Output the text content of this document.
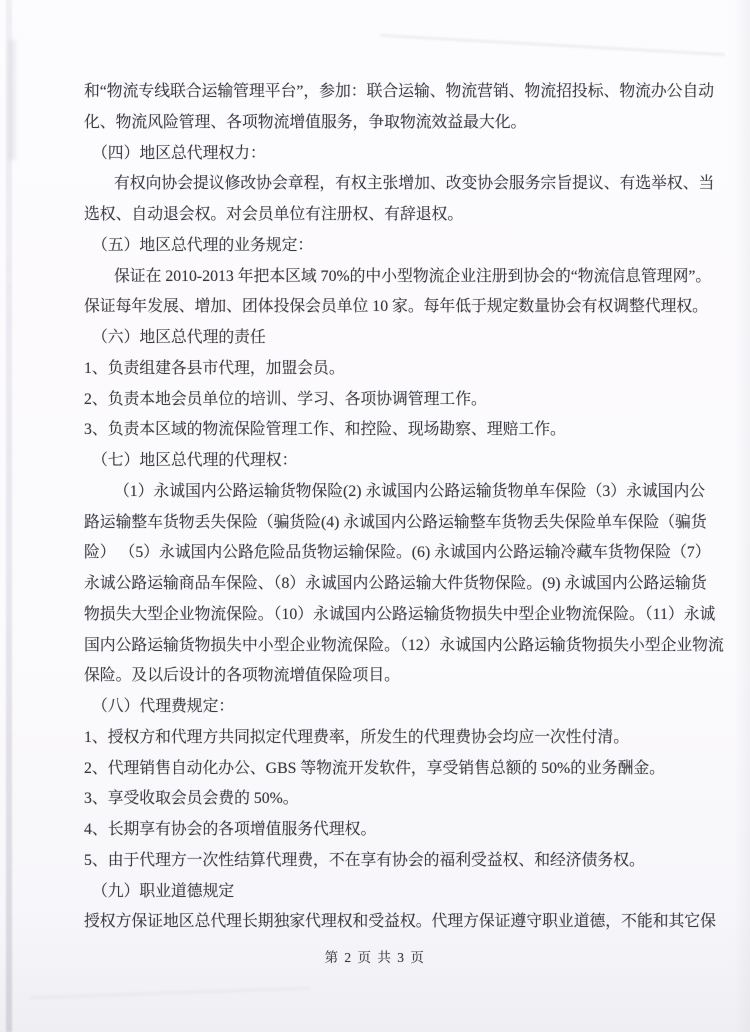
和“物流专线联合运输管理平台”，参加：联合运输、物流营销、物流招投标、物流办公自动
化、物流风险管理、各项物流增值服务，争取物流效益最大化。
（四）地区总代理权力：
有权向协会提议修改协会章程，有权主张增加、改变协会服务宗旨提议、有选举权、当
选权、自动退会权。对会员单位有注册权、有辞退权。
（五）地区总代理的业务规定：
保证在 2010-2013 年把本区域 70%的中小型物流企业注册到协会的“物流信息管理网”。
保证每年发展、增加、团体投保会员单位 10 家。每年低于规定数量协会有权调整代理权。
（六）地区总代理的责任
1、负责组建各县市代理，加盟会员。
2、负责本地会员单位的培训、学习、各项协调管理工作。
3、负责本区域的物流保险管理工作、和控险、现场勘察、理赔工作。
（七）地区总代理的代理权：
（1）永诚国内公路运输货物保险(2) 永诚国内公路运输货物单车保险（3）永诚国内公
路运输整车货物丢失保险（骗货险(4) 永诚国内公路运输整车货物丢失保险单车保险（骗货
险） （5）永诚国内公路危险品货物运输保险。(6) 永诚国内公路运输冷藏车货物保险（7）
永诚公路运输商品车保险、（8）永诚国内公路运输大件货物保险。(9) 永诚国内公路运输货
物损失大型企业物流保险。（10）永诚国内公路运输货物损失中型企业物流保险。（11）永诚
国内公路运输货物损失中小型企业物流保险。（12）永诚国内公路运输货物损失小型企业物流
保险。及以后设计的各项物流增值保险项目。
（八）代理费规定：
1、授权方和代理方共同拟定代理费率，所发生的代理费协会均应一次性付清。
2、代理销售自动化办公、GBS 等物流开发软件，享受销售总额的 50%的业务酬金。
3、享受收取会员会费的 50%。
4、长期享有协会的各项增值服务代理权。
5、由于代理方一次性结算代理费，不在享有协会的福利受益权、和经济债务权。
（九）职业道德规定
授权方保证地区总代理长期独家代理权和受益权。代理方保证遵守职业道德，不能和其它保
第 2 页 共 3 页
